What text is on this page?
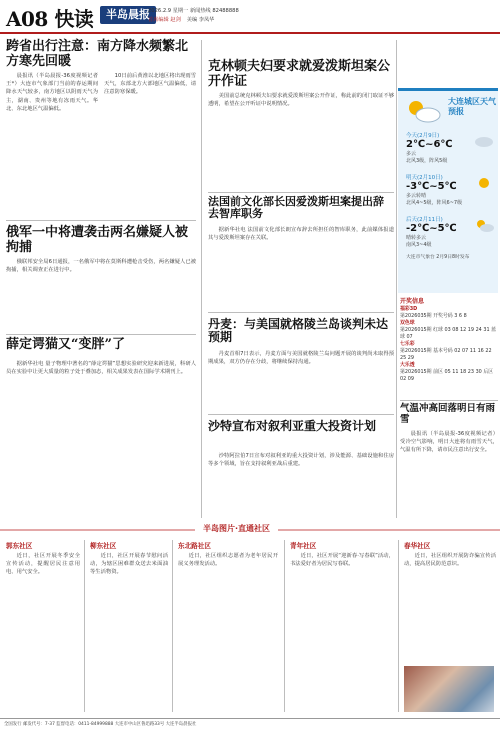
A08 快读	半岛晨报
2026.2.9 星期一 新闻热线 82488888
首席编辑 赵剑 美编 李凤华
跨省出行注意：南方降水频繁北方寒先回暖

晨报讯（半岛晨报-36度视频记者 王*）大连市气象部门当前的春运期间降水天气较多，南方地区以阴雨天气为主，湖南、贵州等地有冻雨天气。华北、东北地区气温偏低。

10日前后黄淮以北地区将出现雨雪天气，东部北方大部地区气温偏低，请注意防寒保暖。

俄军一中将遭袭击两名嫌疑人被拘捕

俄联邦安全局6日通报，一名俄军中将在莫斯科遭枪击受伤，两名嫌疑人已被拘捕，相关调查正在进行中。

薛定谔猫又“变胖”了

据新华社电 量子物理中著名的“薛定谔猫”思想实验研究迎来新进展，科研人员在实验中让更大质量的粒子处于叠加态，相关成果发表在国际学术期刊上。

克林顿夫妇要求就爱泼斯坦案公开作证

美国前总统克林顿夫妇要求就爱泼斯坦案公开作证，称此前的闭门取证不够透明，希望在公开听证中说明情况。

法国前文化部长因爱泼斯坦案提出辞去智库职务

据新华社电 法国前文化部长朗宣布辞去所担任的智库职务，此前媒体报道其与爱泼斯坦案存在关联。

丹麦：与美国就格陵兰岛谈判未达预期

丹麦首相7日表示，丹麦方面与美国就格陵兰岛问题开展的谈判尚未取得预期成果，双方仍存在分歧，将继续保持沟通。

沙特宣布对叙利亚重大投资计划

沙特阿拉伯7日宣布对叙利亚的重大投资计划，涉及能源、基础设施和住房等多个领域，旨在支持叙利亚战后重建。

大连城区天气预报
今天(2月9日)
2℃~6℃
多云
北风3级，阵风5级
明天(2月10日)
-3℃~5℃
多云转晴
北风4~5级，阵风6~7级
后天(2月11日)
-2℃~5℃
晴转多云
南风3~4级
大连市气象台 2月9日8时发布
开奖信息
福彩3D
第2026035期 开奖号码 3 6 8
双色球
第2026015期 红球 03 08 12 19 24 31 蓝球 07
七乐彩
第2026015期 基本号码 02 07 11 16 22 25 29
大乐透
第2026015期 前区 05 11 18 23 30 后区 02 09
气温冲高回落明日有雨雪

晨报讯（半岛晨报-36度视频记者）受冷空气影响，明日大连将有雨雪天气，气温有所下降，请市民注意出行安全。

半岛图片·直通社区
郭东社区

近日，社区开展冬季安全宣传活动，提醒居民注意用电、用气安全。

柳东社区

近日，社区开展春节慰问活动，为辖区困难群众送去米面油等生活物资。

东北路社区

近日，社区组织志愿者为老年居民开展义务理发活动。

青年社区

近日，社区开展“迎新春·写春联”活动，书法爱好者为居民写春联。

春华社区

近日，社区组织开展防诈骗宣传活动，提高居民防范意识。

全国发行 邮发代号：7-37 监督电话：0411-84999888 大连市中山区鲁迅路33号 大连半岛晨报社
